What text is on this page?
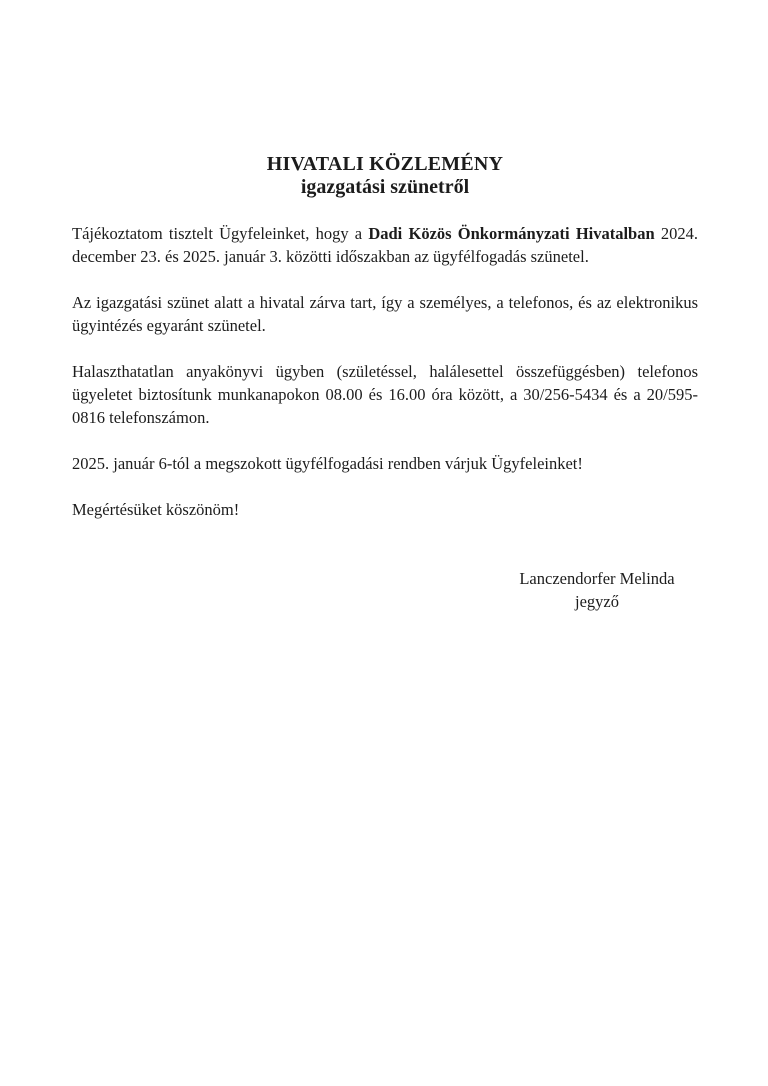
HIVATALI KÖZLEMÉNY
igazgatási szünetről

Tájékoztatom tisztelt Ügyfeleinket, hogy a Dadi Közös Önkormányzati Hivatalban 2024. december 23. és 2025. január 3. közötti időszakban az ügyfélfogadás szünetel.

Az igazgatási szünet alatt a hivatal zárva tart, így a személyes, a telefonos, és az elektronikus ügyintézés egyaránt szünetel.

Halaszthatatlan anyakönyvi ügyben (születéssel, halálesettel összefüggésben) telefonos ügyeletet biztosítunk munkanapokon 08.00 és 16.00 óra között, a 30/256-5434 és a 20/595-0816 telefonszámon.

2025. január 6-tól a megszokott ügyfélfogadási rendben várjuk Ügyfeleinket!

Megértésüket köszönöm!

Lanczendorfer Melinda

jegyző
